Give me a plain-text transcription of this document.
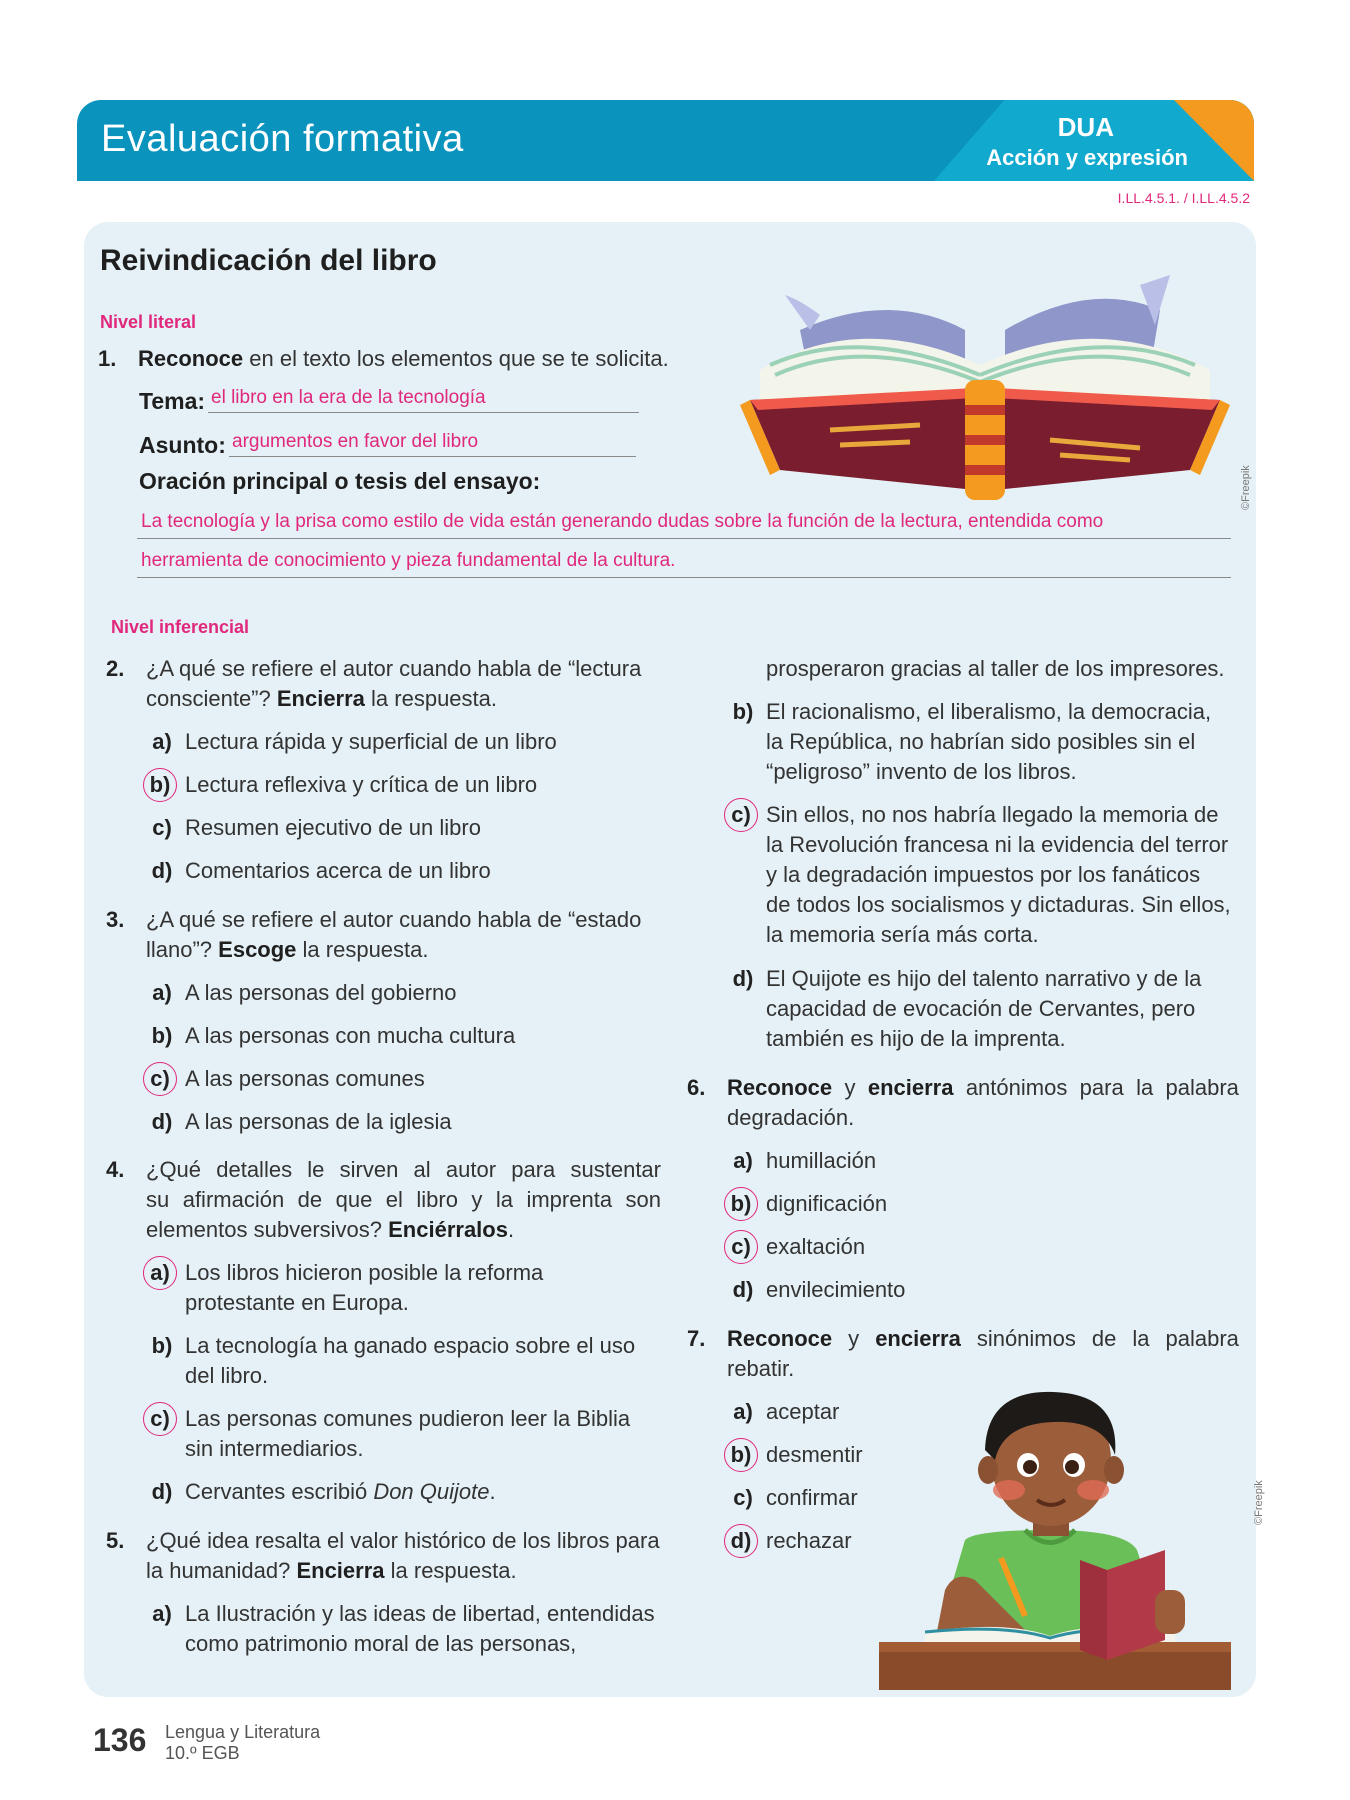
Evaluación formativa	DUA
Acción y expresión
I.LL.4.5.1. / I.LL.4.5.2
Reivindicación del libro
©Freepik
Nivel literal
1. Reconoce en el texto los elementos que se te solicita.
Tema: el libro en la era de la tecnología
Asunto: argumentos en favor del libro
Oración principal o tesis del ensayo:
La tecnología y la prisa como estilo de vida están generando dudas sobre la función de la lectura, entendida como
herramienta de conocimiento y pieza fundamental de la cultura.
Nivel inferencial
2. ¿A qué se refiere el autor cuando habla de “lectura
consciente”? Encierra la respuesta.
a) Lectura rápida y superficial de un libro
b) Lectura reflexiva y crítica de un libro
c) Resumen ejecutivo de un libro
d) Comentarios acerca de un libro
3. ¿A qué se refiere el autor cuando habla de “estado
llano”? Escoge la respuesta.
a) A las personas del gobierno
b) A las personas con mucha cultura
c) A las personas comunes
d) A las personas de la iglesia
4. ¿Qué detalles le sirven al autor para sustentar
su afirmación de que el libro y la imprenta son
elementos subversivos? Enciérralos.
a) Los libros hicieron posible la reforma
protestante en Europa.
b) La tecnología ha ganado espacio sobre el uso
del libro.
c) Las personas comunes pudieron leer la Biblia
sin intermediarios.
d) Cervantes escribió Don Quijote.
5. ¿Qué idea resalta el valor histórico de los libros para
la humanidad? Encierra la respuesta.
a) La Ilustración y las ideas de libertad, entendidas
como patrimonio moral de las personas,
prosperaron gracias al taller de los impresores.
b) El racionalismo, el liberalismo, la democracia,
la República, no habrían sido posibles sin el
“peligroso” invento de los libros.
c) Sin ellos, no nos habría llegado la memoria de
la Revolución francesa ni la evidencia del terror
y la degradación impuestos por los fanáticos
de todos los socialismos y dictaduras. Sin ellos,
la memoria sería más corta.
d) El Quijote es hijo del talento narrativo y de la
capacidad de evocación de Cervantes, pero
también es hijo de la imprenta.
6. Reconoce y encierra antónimos para la palabra
degradación.
a) humillación
b) dignificación
c) exaltación
d) envilecimiento
7. Reconoce y encierra sinónimos de la palabra
rebatir.
a) aceptar
b) desmentir
c) confirmar
d) rechazar
©Freepik
136 Lengua y Literatura
10.º EGB
